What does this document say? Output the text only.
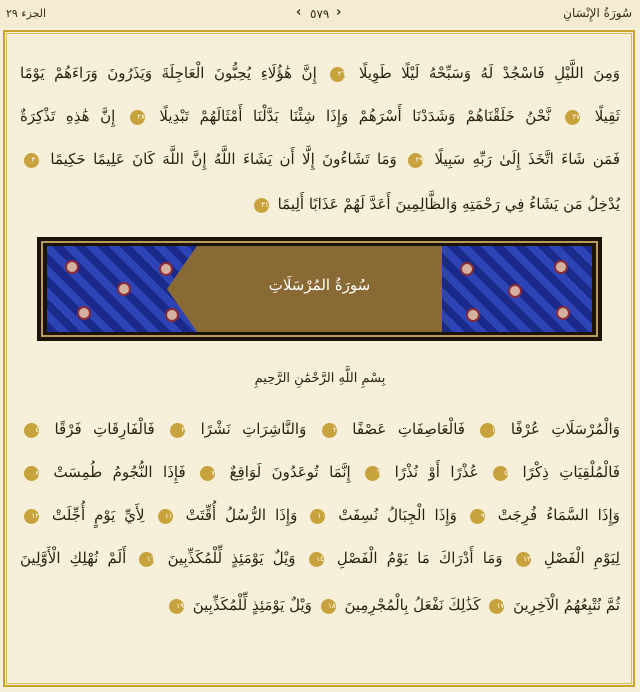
الجزء ٢٩	‹ ٥٧٩ ›	سُورَةُ الإِنْسَانِ
وَمِنَ اللَّيْلِ فَاسْجُدْ لَهُ وَسَبِّحْهُ لَيْلًا طَوِيلًا ٢٦ إِنَّ هَٰؤُلَاءِ يُحِبُّونَ الْعَاجِلَةَ وَيَذَرُونَ وَرَاءَهُمْ يَوْمًا
ثَقِيلًا ٢٧ نَّحْنُ خَلَقْنَاهُمْ وَشَدَدْنَا أَسْرَهُمْ وَإِذَا شِئْنَا بَدَّلْنَا أَمْثَالَهُمْ تَبْدِيلًا ٢٨ إِنَّ هَٰذِهِ تَذْكِرَةٌ
فَمَن شَاءَ اتَّخَذَ إِلَىٰ رَبِّهِ سَبِيلًا ٢٩ وَمَا تَشَاءُونَ إِلَّا أَن يَشَاءَ اللَّهُ إِنَّ اللَّهَ كَانَ عَلِيمًا حَكِيمًا ٣٠
يُدْخِلُ مَن يَشَاءُ فِي رَحْمَتِهِ وَالظَّالِمِينَ أَعَدَّ لَهُمْ عَذَابًا أَلِيمًا ٣١
سُورَةُ المُرْسَلَاتِ
بِسْمِ اللَّهِ الرَّحْمَٰنِ الرَّحِيمِ
وَالْمُرْسَلَاتِ عُرْفًا ١ فَالْعَاصِفَاتِ عَصْفًا ٢ وَالنَّاشِرَاتِ نَشْرًا ٣ فَالْفَارِقَاتِ فَرْقًا ٤
فَالْمُلْقِيَاتِ ذِكْرًا ٥ عُذْرًا أَوْ نُذْرًا ٦ إِنَّمَا تُوعَدُونَ لَوَاقِعٌ ٧ فَإِذَا النُّجُومُ طُمِسَتْ ٨
وَإِذَا السَّمَاءُ فُرِجَتْ ٩ وَإِذَا الْجِبَالُ نُسِفَتْ ١٠ وَإِذَا الرُّسُلُ أُقِّتَتْ ١١ لِأَيِّ يَوْمٍ أُجِّلَتْ ١٢
لِيَوْمِ الْفَصْلِ ١٣ وَمَا أَدْرَاكَ مَا يَوْمُ الْفَصْلِ ١٤ وَيْلٌ يَوْمَئِذٍ لِّلْمُكَذِّبِينَ ١٦ أَلَمْ نُهْلِكِ الْأَوَّلِينَ
ثُمَّ نُتْبِعُهُمُ الْآخِرِينَ ١٧ كَذَٰلِكَ نَفْعَلُ بِالْمُجْرِمِينَ ١٨ وَيْلٌ يَوْمَئِذٍ لِّلْمُكَذِّبِينَ ١٩
